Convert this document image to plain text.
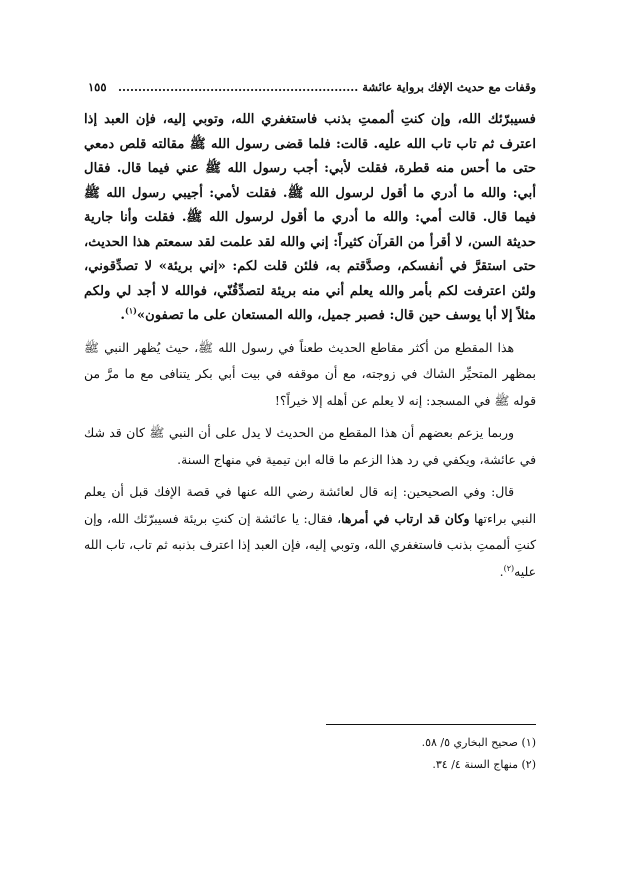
وقفات مع حديث الإفك برواية عائشة ............................................................
١٥٥

فسيبرّئك الله، وإن كنتِ ألممتِ بذنب فاستغفري الله، وتوبي إليه، فإن العبد إذا اعترف ثم تاب تاب الله عليه. قالت: فلما قضى رسول الله ﷺ مقالته قلص دمعي حتى ما أحس منه قطرة، فقلت لأبي: أجب رسول الله ﷺ عني فيما قال. فقال أبي: والله ما أدري ما أقول لرسول الله ﷺ. فقلت لأمي: أجيبي رسول الله ﷺ فيما قال. قالت أمي: والله ما أدري ما أقول لرسول الله ﷺ. فقلت وأنا جارية حديثة السن، لا أقرأ من القرآن كثيراً: إني والله لقد علمت لقد سمعتم هذا الحديث، حتى استقرَّ في أنفسكم، وصدَّقتم به، فلئن قلت لكم: «إني بريئة» لا تصدِّقوني، ولئن اعترفت لكم بأمر والله يعلم أني منه بريئة لتصدِّقُنّي، فوالله لا أجد لي ولكم مثلاً إلا أبا يوسف حين قال: فصبر جميل، والله المستعان على ما تصفون»$^{(١)}$.

هذا المقطع من أكثر مقاطع الحديث طعناً في رسول الله ﷺ، حيث يُظهر النبي ﷺ بمظهر المتحيِّر الشاك في زوجته، مع أن موقفه في بيت أبي بكر يتنافى مع ما مرَّ من قوله ﷺ في المسجد: إنه لا يعلم عن أهله إلا خيراً؟!

وربما يزعم بعضهم أن هذا المقطع من الحديث لا يدل على أن النبي ﷺ كان قد شك في عائشة، ويكفي في رد هذا الزعم ما قاله ابن تيمية في منهاج السنة.

قال: وفي الصحيحين: إنه قال لعائشة رضي الله عنها في قصة الإفك قبل أن يعلم النبي براءتها وكان قد ارتاب في أمرها، فقال: يا عائشة إن كنتِ بريئة فسيبرّئك الله، وإن كنتِ ألممتِ بذنب فاستغفري الله، وتوبي إليه، فإن العبد إذا اعترف بذنبه ثم تاب، تاب الله عليه$^{(٢)}$.

(١) صحيح البخاري ٥/ ٥٨.
(٢) منهاج السنة ٤/ ٣٤.
